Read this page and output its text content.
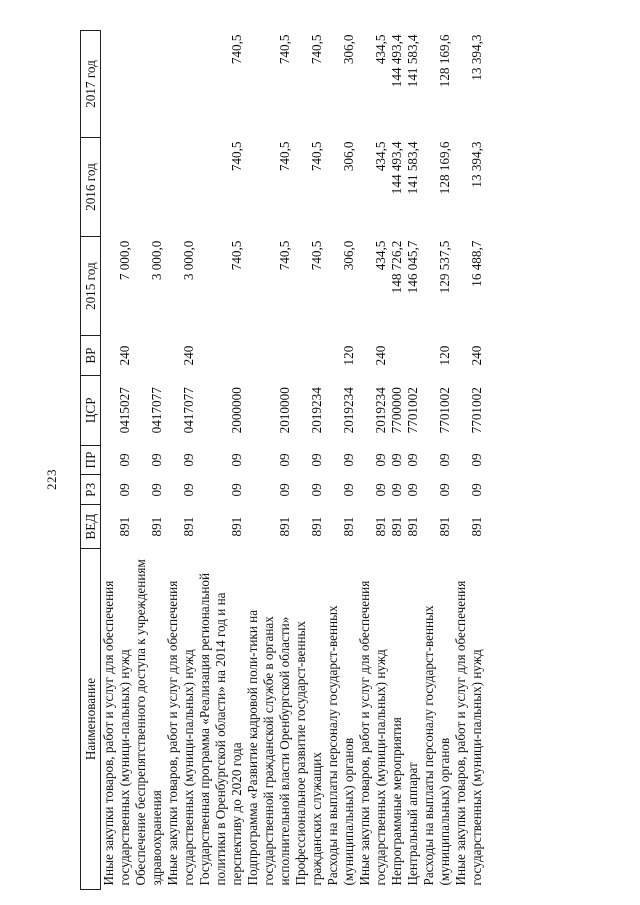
223
Наименование	ВЕД	РЗ	ПР	ЦСР	ВР	2015 год	2016 год	2017 год
Иные закупки товаров, работ и услуг для обеспечения государственных (муници-пальных) нужд	891	09	09	0415027	240	7 000,0		
Обеспечение беспрепятственного доступа к учреждениям здравоохранения	891	09	09	0417077		3 000,0		
Иные закупки товаров, работ и услуг для обеспечения государственных (муници-пальных) нужд	891	09	09	0417077	240	3 000,0		
Государственная программа «Реализация региональной политики в Оренбургской области» на 2014 год и на перспективу до 2020 года	891	09	09	2000000		740,5	740,5	740,5
Подпрограмма «Развитие кадровой поли-тики на государственной гражданской службе в органах исполнительной власти Оренбургской области»	891	09	09	2010000		740,5	740,5	740,5
Профессиональное развитие государст-венных гражданских служащих	891	09	09	2019234		740,5	740,5	740,5
Расходы на выплаты персоналу государст-венных (муниципальных) органов	891	09	09	2019234	120	306,0	306,0	306,0
Иные закупки товаров, работ и услуг для обеспечения государственных (муници-пальных) нужд	891	09	09	2019234	240	434,5	434,5	434,5
Непрограммные мероприятия	891	09	09	7700000		148 726,2	144 493,4	144 493,4
Центральный аппарат	891	09	09	7701002		146 045,7	141 583,4	141 583,4
Расходы на выплаты персоналу государст-венных (муниципальных) органов	891	09	09	7701002	120	129 537,5	128 169,6	128 169,6
Иные закупки товаров, работ и услуг для обеспечения государственных (муници-пальных) нужд	891	09	09	7701002	240	16 488,7	13 394,3	13 394,3
